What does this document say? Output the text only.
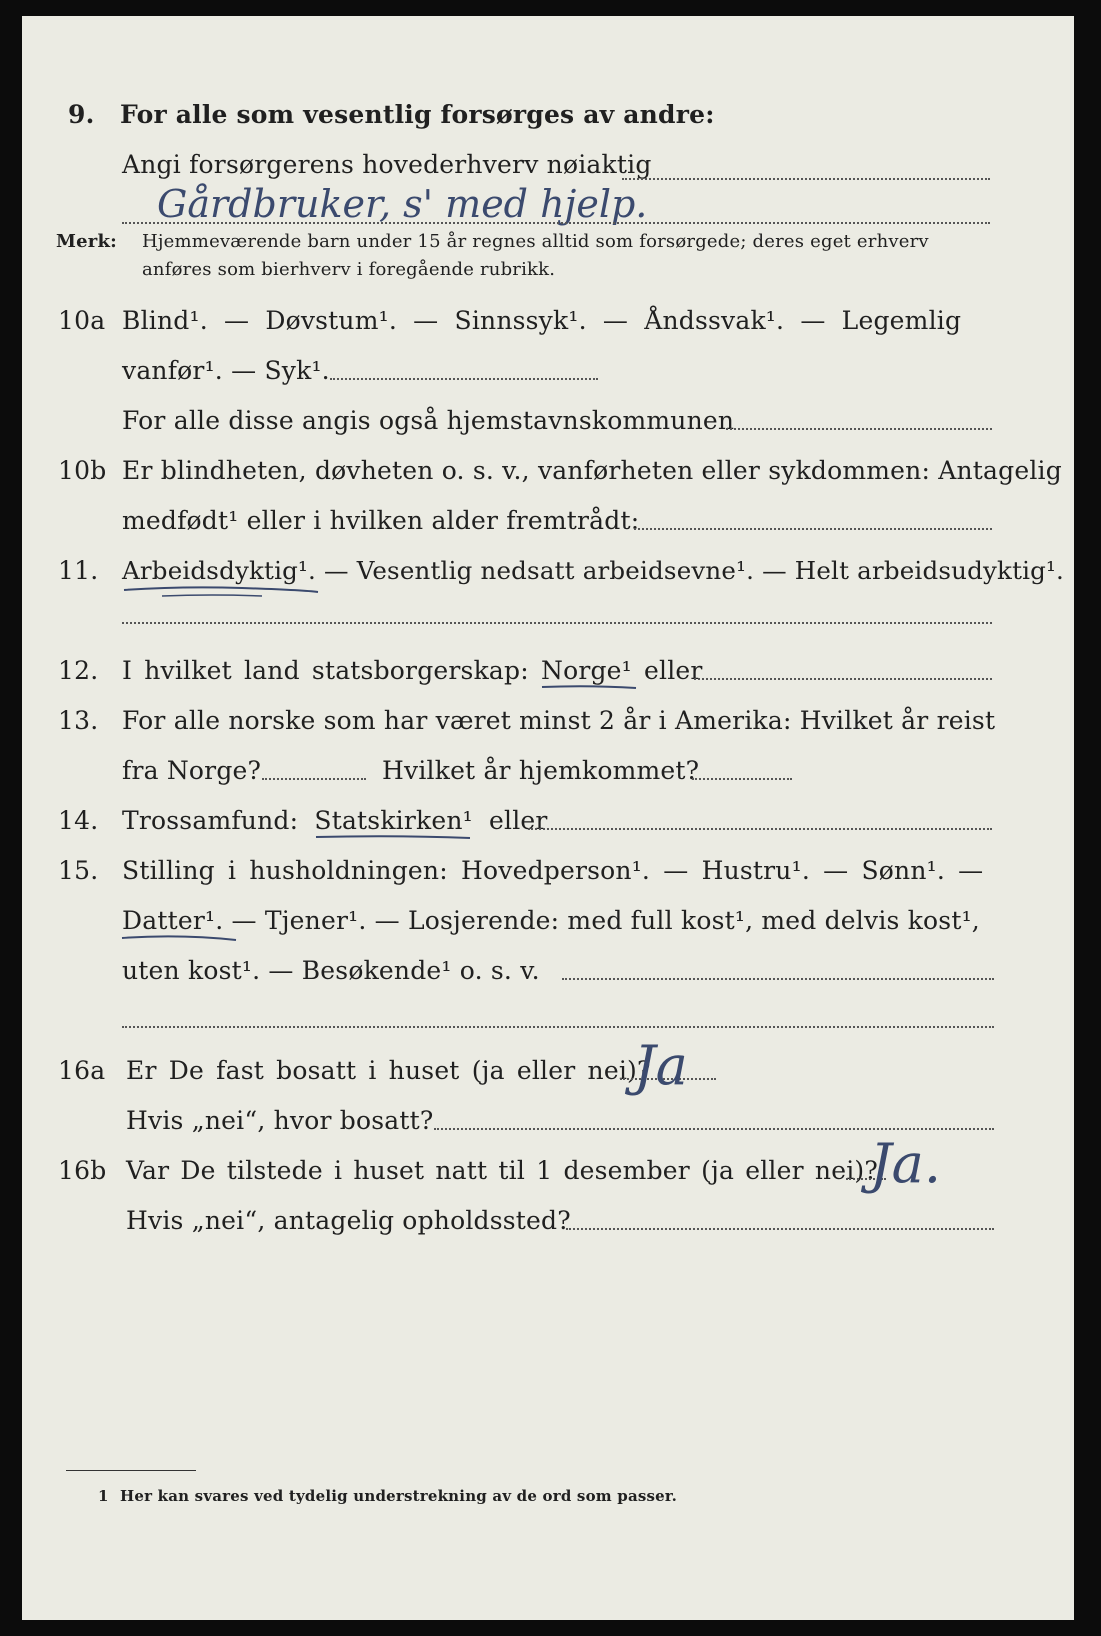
9. For alle som vesentlig forsørges av andre:
Angi forsørgerens hovederhverv nøiaktig
Gårdbruker, s' med hjelp.
Merk: Hjemmeværende barn under 15 år regnes alltid som forsørgede; deres eget erhverv
anføres som bierhverv i foregående rubrikk.
10a Blind¹. — Døvstum¹. — Sinnssyk¹. — Åndssvak¹. — Legemlig
vanfør¹. — Syk¹.
For alle disse angis også hjemstavnskommunen
10b Er blindheten, døvheten o. s. v., vanførheten eller sykdommen: Antagelig
medfødt¹ eller i hvilken alder fremtrådt:
11. Arbeidsdyktig¹. — Vesentlig nedsatt arbeidsevne¹. — Helt arbeidsudyktig¹.
12. I hvilket land statsborgerskap: Norge¹ eller
13. For alle norske som har været minst 2 år i Amerika: Hvilket år reist
fra Norge?	Hvilket år hjemkommet?
14. Trossamfund: Statskirken¹ eller
15. Stilling i husholdningen: Hovedperson¹. — Hustru¹. — Sønn¹. —
Datter¹. — Tjener¹. — Losjerende: med full kost¹, med delvis kost¹,
uten kost¹. — Besøkende¹ o. s. v.
16a Er De fast bosatt i huset (ja eller nei)?
Ja
Hvis „nei“, hvor bosatt?
16b Var De tilstede i huset natt til 1 desember (ja eller nei)?
Ja.
Hvis „nei“, antagelig opholdssted?
1 Her kan svares ved tydelig understrekning av de ord som passer.
